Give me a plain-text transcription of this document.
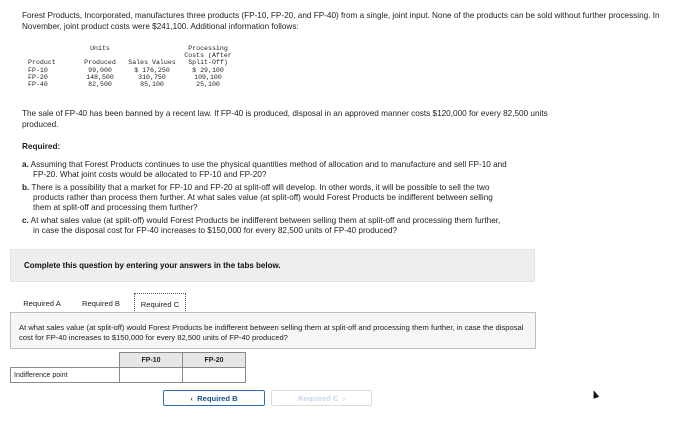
Forest Products, Incorporated, manufactures three products (FP-10, FP-20, and FP-40) from a single, joint input. None of the products can be sold without further processing. In November, joint product costs were $241,100. Additional information follows:
	Units		Processing
			Costs (After
Product	Produced	Sales Values	Split-Off)
FP-10	99,000	$ 176,250	$ 29,100
FP-20	148,500	310,750	109,100
FP-40	82,500	85,100	25,100
The sale of FP-40 has been banned by a recent law. If FP-40 is produced, disposal in an approved manner costs $120,000 for every 82,500 units produced.
Required:
a. Assuming that Forest Products continues to use the physical quantities method of allocation and to manufacture and sell FP-10 and
FP-20. What joint costs would be allocated to FP-10 and FP-20?
b. There is a possibility that a market for FP-10 and FP-20 at split-off will develop. In other words, it will be possible to sell the two
products rather than process them further. At what sales value (at split-off) would Forest Products be indifferent between selling
them at split-off and processing them further?
c. At what sales value (at split-off) would Forest Products be indifferent between selling them at split-off and processing them further,
in case the disposal cost for FP-40 increases to $150,000 for every 82,500 units of FP-40 produced?
Complete this question by entering your answers in the tabs below.
Required A	Required B	Required C
At what sales value (at split-off) would Forest Products be indifferent between selling them at split-off and processing them further, in case the disposal cost for FP-40 increases to $150,000 for every 82,500 units of FP-40 produced?
	FP-10	FP-20
Indifference point		
‹ Required B	Required C ›
